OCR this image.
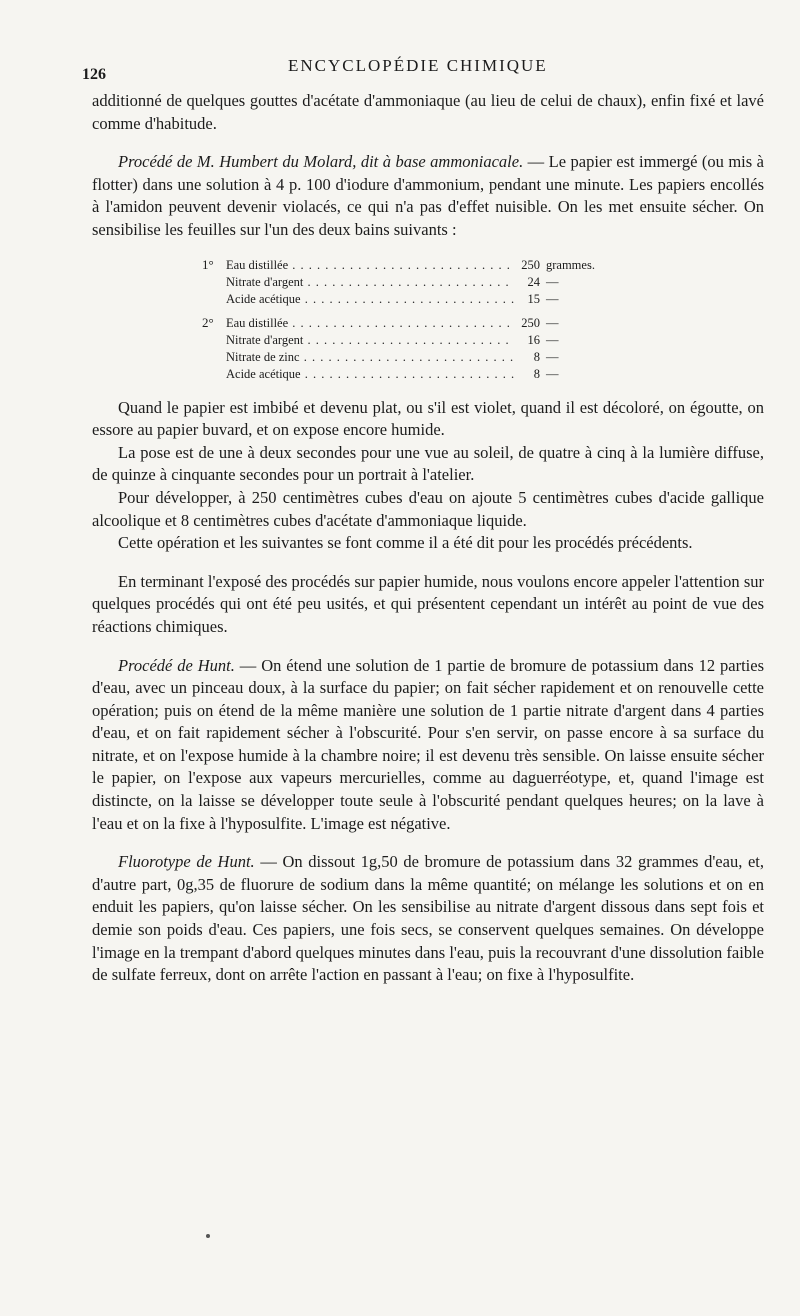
126	ENCYCLOPÉDIE CHIMIQUE

additionné de quelques gouttes d'acétate d'ammoniaque (au lieu de celui de chaux), enfin fixé et lavé comme d'habitude.

Procédé de M. Humbert du Molard, dit à base ammoniacale. — Le papier est immergé (ou mis à flotter) dans une solution à 4 p. 100 d'iodure d'ammonium, pendant une minute. Les papiers encollés à l'amidon peuvent devenir violacés, ce qui n'a pas d'effet nuisible. On les met ensuite sécher. On sensibilise les feuilles sur l'un des deux bains suivants :

1° Eau distillée . . .	250 grammes.
Nitrate d'argent . . .	24 —
Acide acétique . . .	15 —
2° Eau distillée . . .	250 —
Nitrate d'argent . . .	16 —
Nitrate de zinc . . .	8 —
Acide acétique . . .	8 —

Quand le papier est imbibé et devenu plat, ou s'il est violet, quand il est décoloré, on égoutte, on essore au papier buvard, et on expose encore humide.

La pose est de une à deux secondes pour une vue au soleil, de quatre à cinq à la lumière diffuse, de quinze à cinquante secondes pour un portrait à l'atelier.

Pour développer, à 250 centimètres cubes d'eau on ajoute 5 centimètres cubes d'acide gallique alcoolique et 8 centimètres cubes d'acétate d'ammoniaque liquide.

Cette opération et les suivantes se font comme il a été dit pour les procédés précédents.

En terminant l'exposé des procédés sur papier humide, nous voulons encore appeler l'attention sur quelques procédés qui ont été peu usités, et qui présentent cependant un intérêt au point de vue des réactions chimiques.

Procédé de Hunt. — On étend une solution de 1 partie de bromure de potassium dans 12 parties d'eau, avec un pinceau doux, à la surface du papier; on fait sécher rapidement et on renouvelle cette opération; puis on étend de la même manière une solution de 1 partie nitrate d'argent dans 4 parties d'eau, et on fait rapidement sécher à l'obscurité. Pour s'en servir, on passe encore à sa surface du nitrate, et on l'expose humide à la chambre noire; il est devenu très sensible. On laisse ensuite sécher le papier, on l'expose aux vapeurs mercurielles, comme au daguerréotype, et, quand l'image est distincte, on la laisse se développer toute seule à l'obscurité pendant quelques heures; on la lave à l'eau et on la fixe à l'hyposulfite. L'image est négative.

Fluorotype de Hunt. — On dissout 1g,50 de bromure de potassium dans 32 grammes d'eau, et, d'autre part, 0g,35 de fluorure de sodium dans la même quantité; on mélange les solutions et on en enduit les papiers, qu'on laisse sécher. On les sensibilise au nitrate d'argent dissous dans sept fois et demie son poids d'eau. Ces papiers, une fois secs, se conservent quelques semaines. On développe l'image en la trempant d'abord quelques minutes dans l'eau, puis la recouvrant d'une dissolution faible de sulfate ferreux, dont on arrête l'action en passant à l'eau; on fixe à l'hyposulfite.
